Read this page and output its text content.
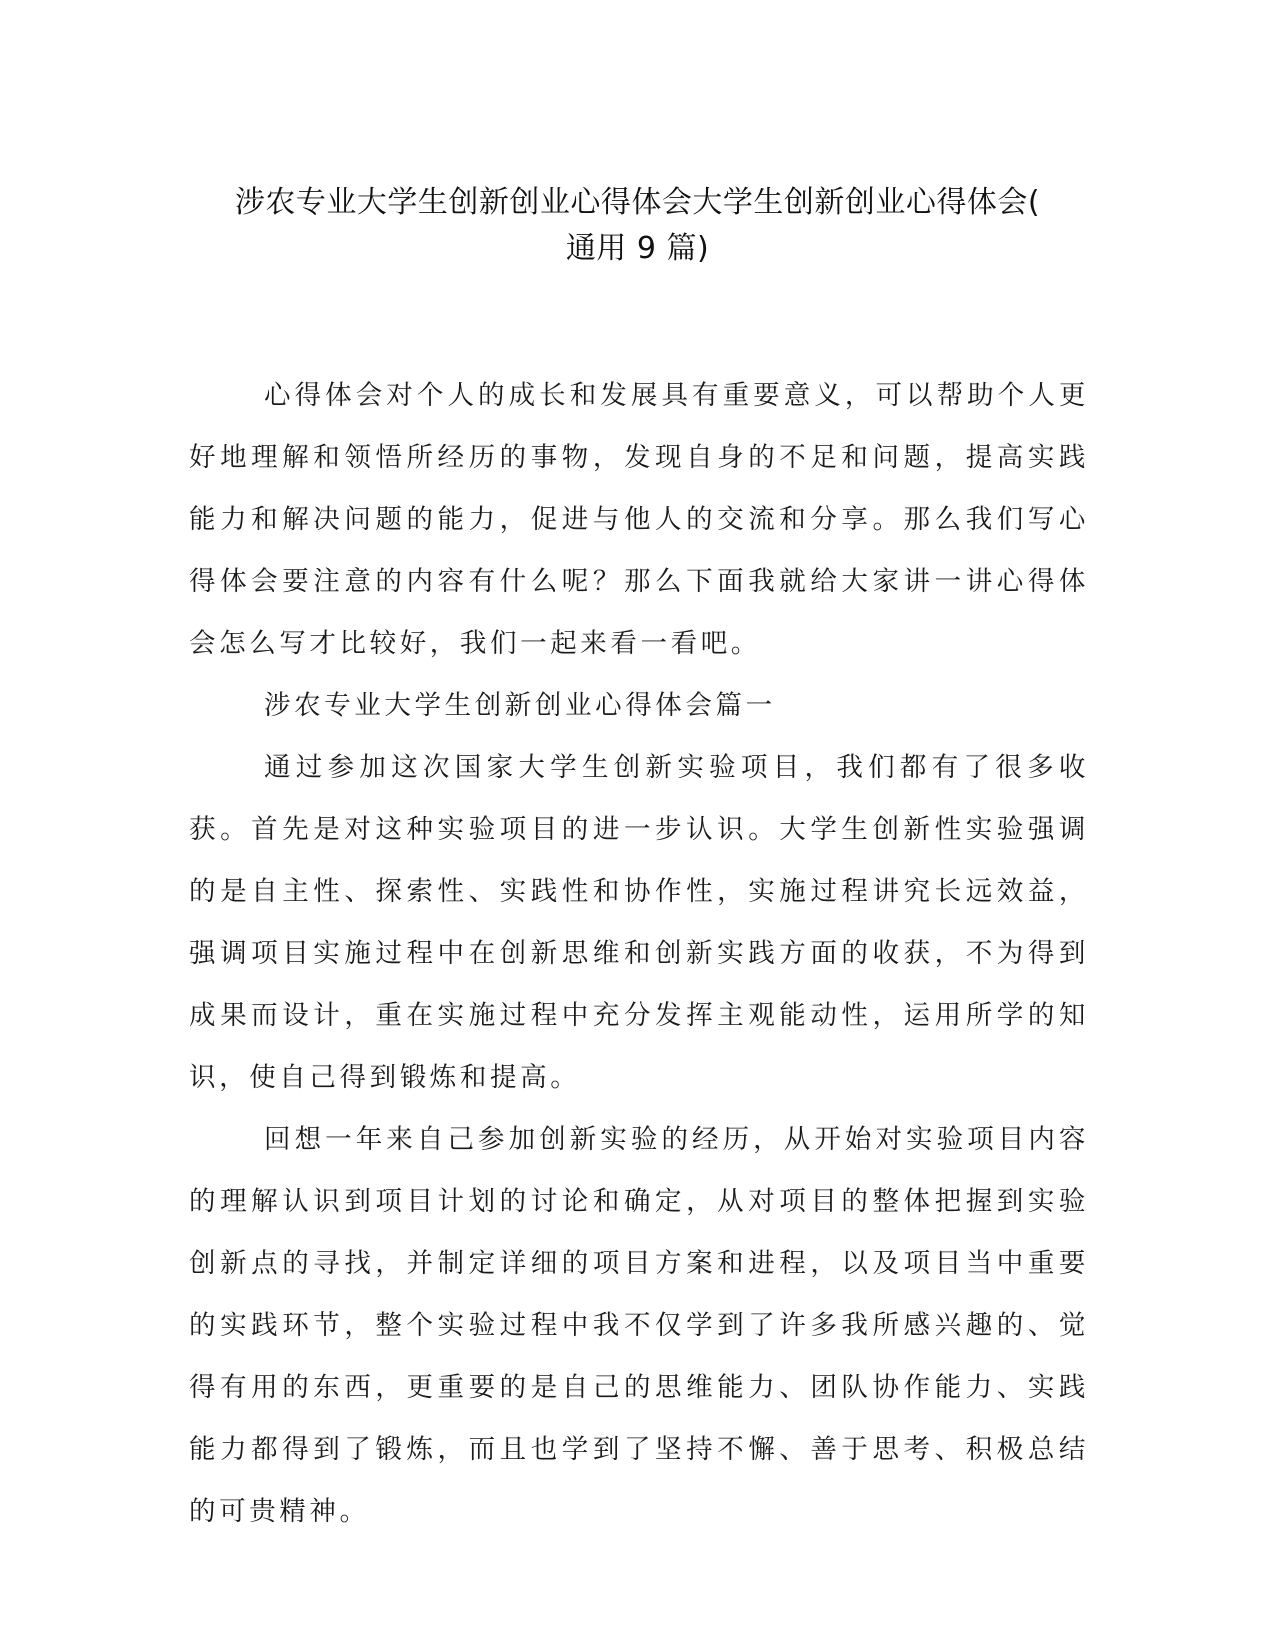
涉农专业大学生创新创业心得体会大学生创新创业心得体会(
通用 9 篇)

心得体会对个人的成长和发展具有重要意义，可以帮助个人更好地理解和领悟所经历的事物，发现自身的不足和问题，提高实践能力和解决问题的能力，促进与他人的交流和分享。那么我们写心得体会要注意的内容有什么呢？那么下面我就给大家讲一讲心得体会怎么写才比较好，我们一起来看一看吧。

涉农专业大学生创新创业心得体会篇一

通过参加这次国家大学生创新实验项目，我们都有了很多收获。首先是对这种实验项目的进一步认识。大学生创新性实验强调的是自主性、探索性、实践性和协作性，实施过程讲究长远效益，强调项目实施过程中在创新思维和创新实践方面的收获，不为得到成果而设计，重在实施过程中充分发挥主观能动性，运用所学的知识，使自己得到锻炼和提高。

回想一年来自己参加创新实验的经历，从开始对实验项目内容的理解认识到项目计划的讨论和确定，从对项目的整体把握到实验创新点的寻找，并制定详细的项目方案和进程，以及项目当中重要的实践环节，整个实验过程中我不仅学到了许多我所感兴趣的、觉得有用的东西，更重要的是自己的思维能力、团队协作能力、实践能力都得到了锻炼，而且也学到了坚持不懈、善于思考、积极总结的可贵精神。
